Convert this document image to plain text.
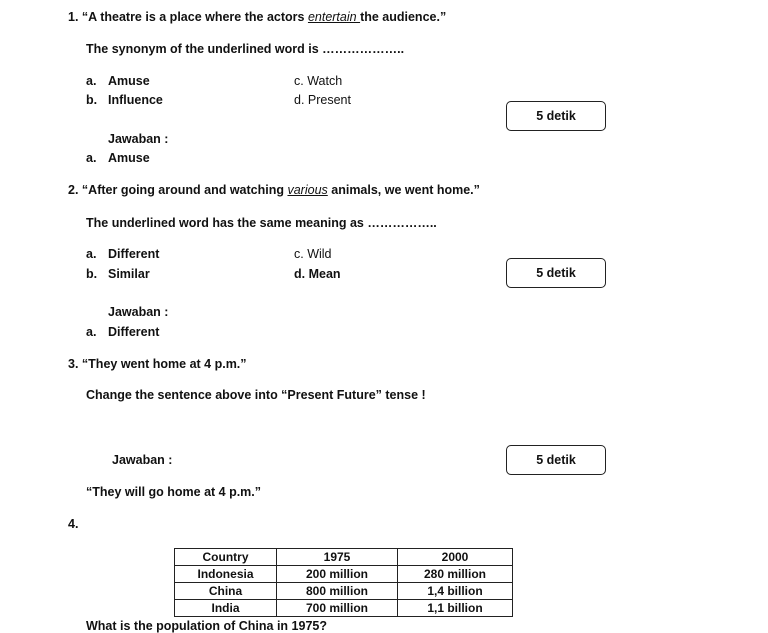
1. “A theatre is a place where the actors entertain the audience.”
The synonym of the underlined word is ………………..
a. Amuse
b. Influence
c. Watch
d. Present
5 detik
Jawaban :
a. Amuse
2. “After going around and watching various animals, we went home.”
The underlined word has the same meaning as ……………..
a. Different
b. Similar
c. Wild
d. Mean	5 detik
Jawaban :
a. Different
3. “They went home at 4 p.m.”
Change the sentence above into “Present Future” tense !
5 detik
Jawaban :
“They will go home at 4 p.m.”
4.
Country	1975	2000
Indonesia	200 million	280 million
China	800 million	1,4 billion
India	700 million	1,1 billion
What is the population of China in 1975?
